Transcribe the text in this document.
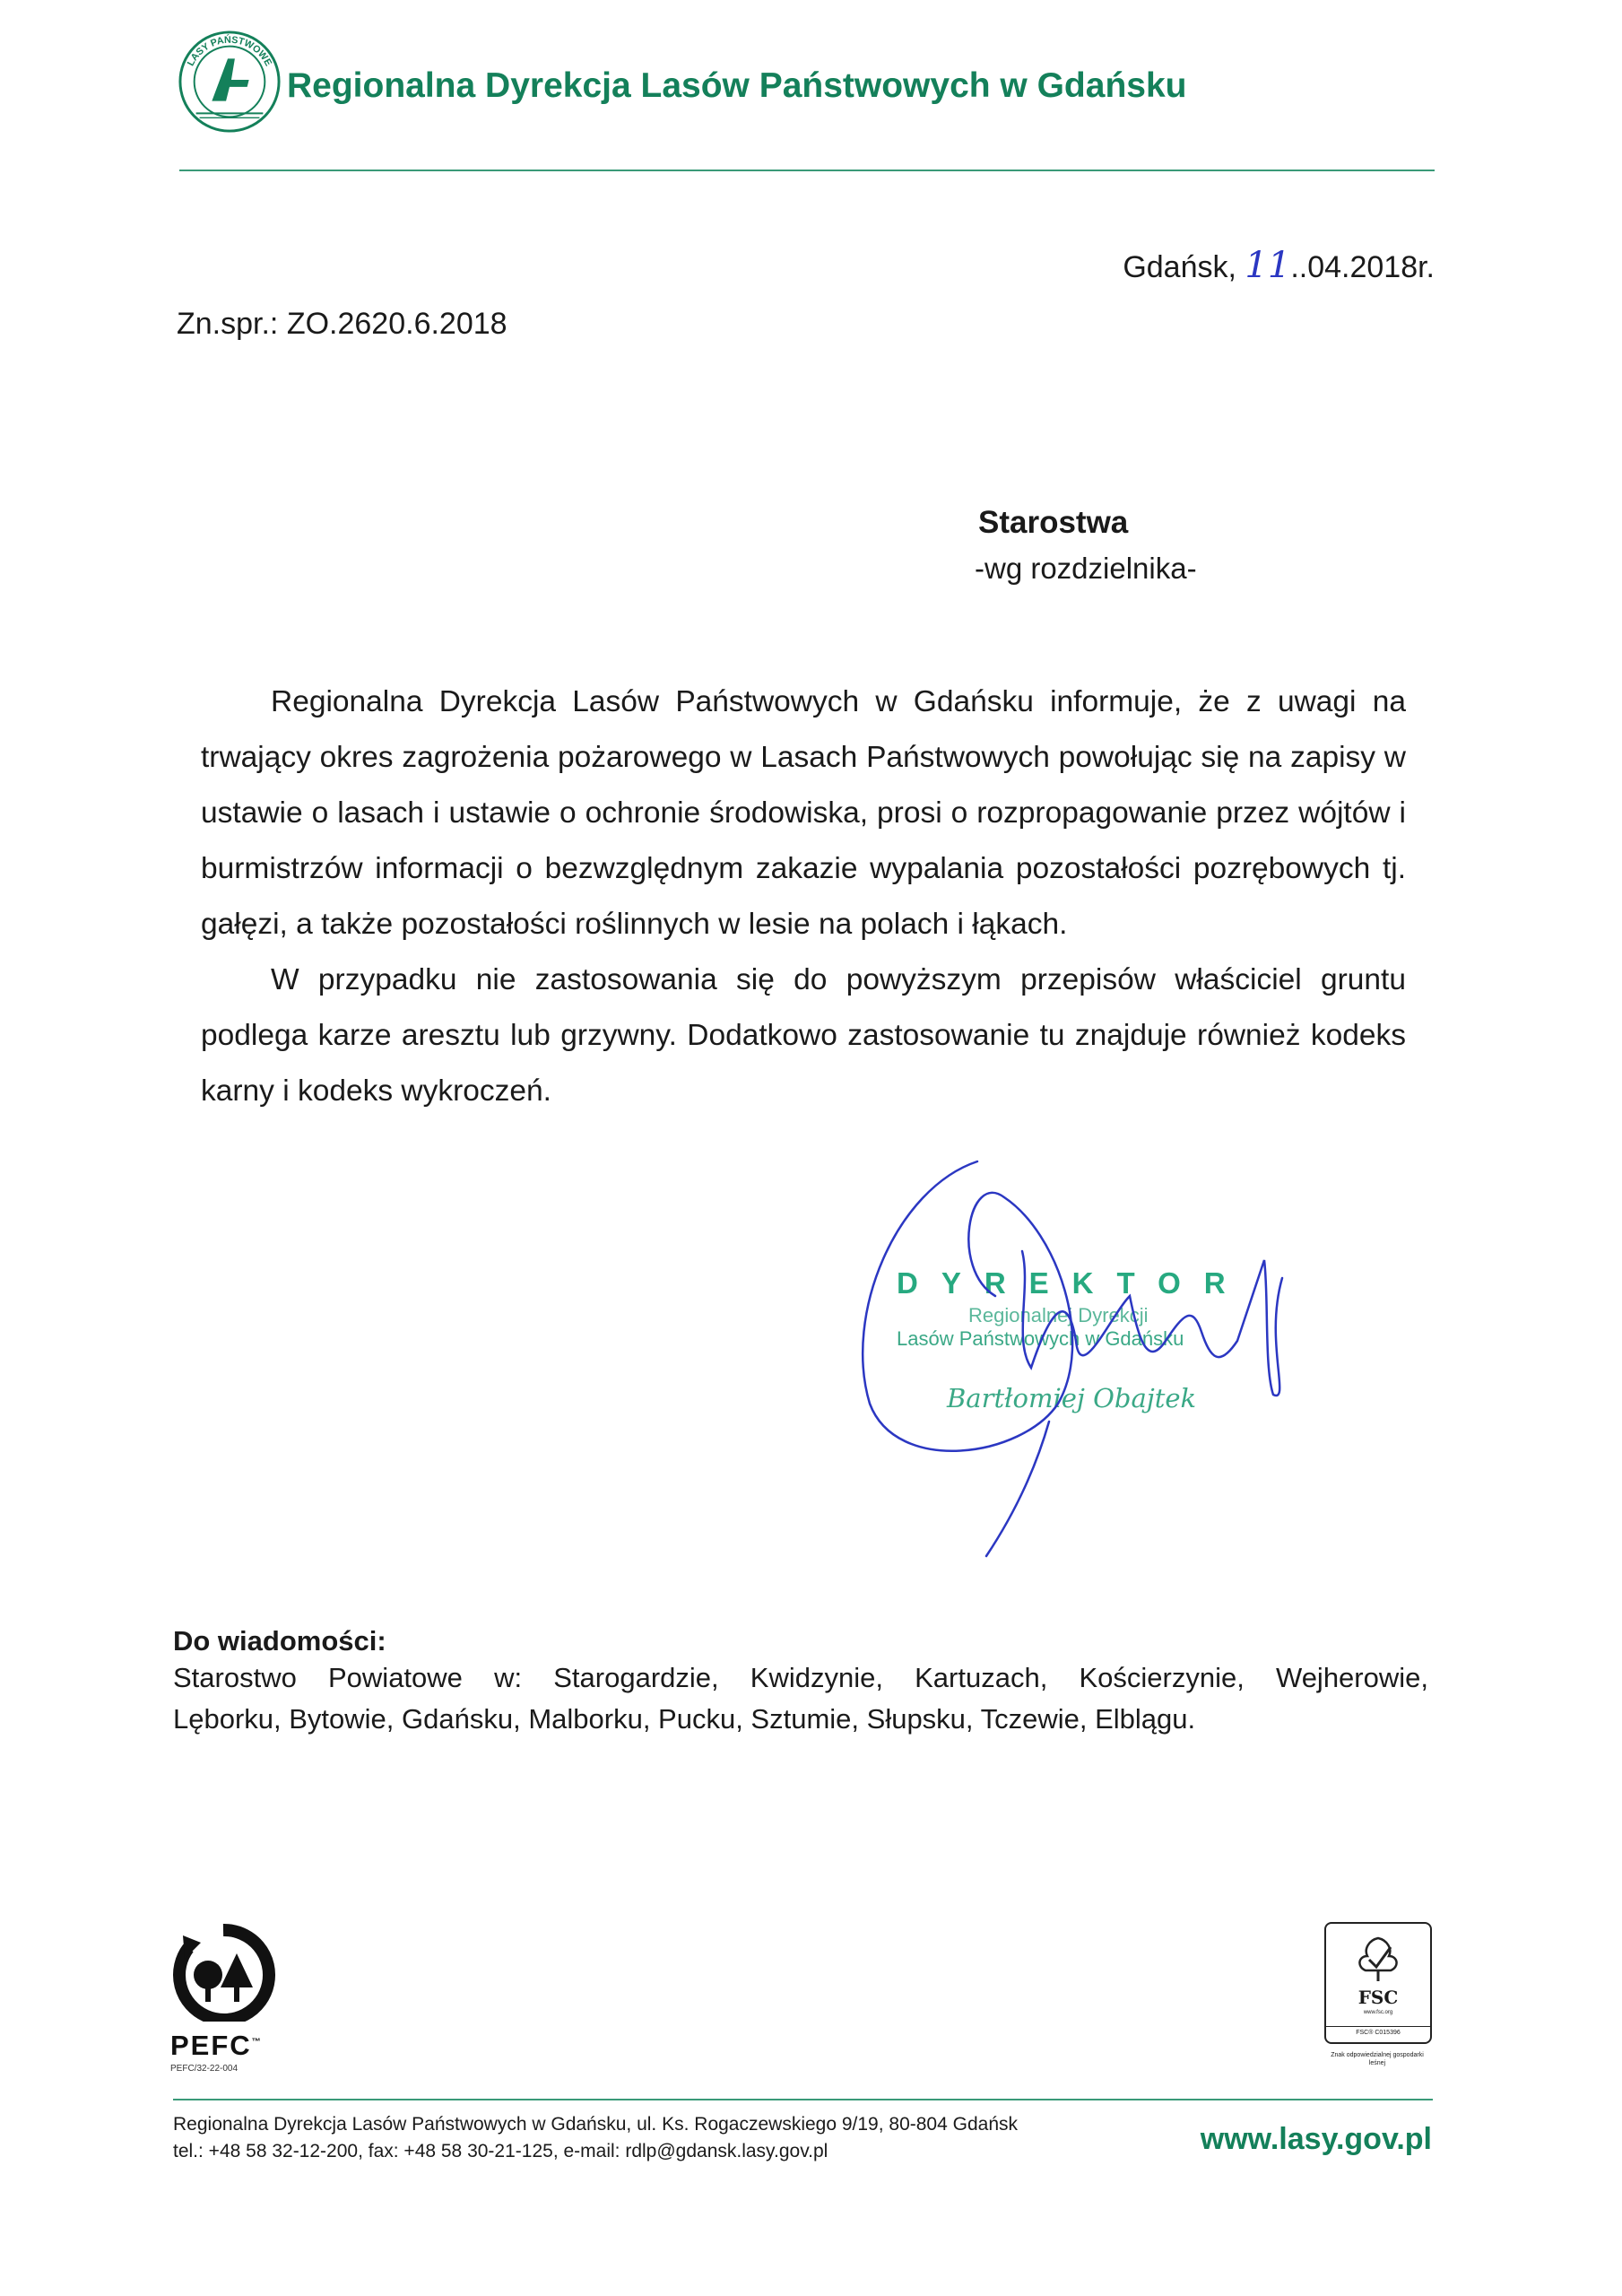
LASY PAŃSTWOWE
Regionalna Dyrekcja Lasów Państwowych w Gdańsku
Gdańsk, 11..04.2018r.
Zn.spr.: ZO.2620.6.2018
Starostwa
-wg rozdzielnika-

Regionalna Dyrekcja Lasów Państwowych w Gdańsku informuje, że z uwagi na trwający okres zagrożenia pożarowego w Lasach Państwowych powołując się na zapisy w ustawie o lasach i ustawie o ochronie środowiska, prosi o rozpropagowanie przez wójtów i burmistrzów informacji o bezwzględnym zakazie wypalania pozostałości pozrębowych tj. gałęzi, a także pozostałości roślinnych w lesie na polach i łąkach.

W przypadku nie zastosowania się do powyższym przepisów właściciel gruntu podlega karze aresztu lub grzywny. Dodatkowo zastosowanie tu znajduje również kodeks karny i kodeks wykroczeń.

DYREKTOR
Regionalnej Dyrekcji
Lasów Państwowych w Gdańsku
Bartłomiej Obajtek
Do wiadomości:
Starostwo Powiatowe w: Starogardzie, Kwidzynie, Kartuzach, Kościerzynie, Wejherowie,
Lęborku, Bytowie, Gdańsku, Malborku, Pucku, Sztumie, Słupsku, Tczewie, Elblągu.
PEFC™
PEFC/32-22-004
FSC
www.fsc.org
FSC® C015396
Znak odpowiedzialnej gospodarki leśnej
Regionalna Dyrekcja Lasów Państwowych w Gdańsku, ul. Ks. Rogaczewskiego 9/19, 80-804 Gdańsk
tel.: +48 58 32-12-200, fax: +48 58 30-21-125, e-mail: rdlp@gdansk.lasy.gov.pl	www.lasy.gov.pl
